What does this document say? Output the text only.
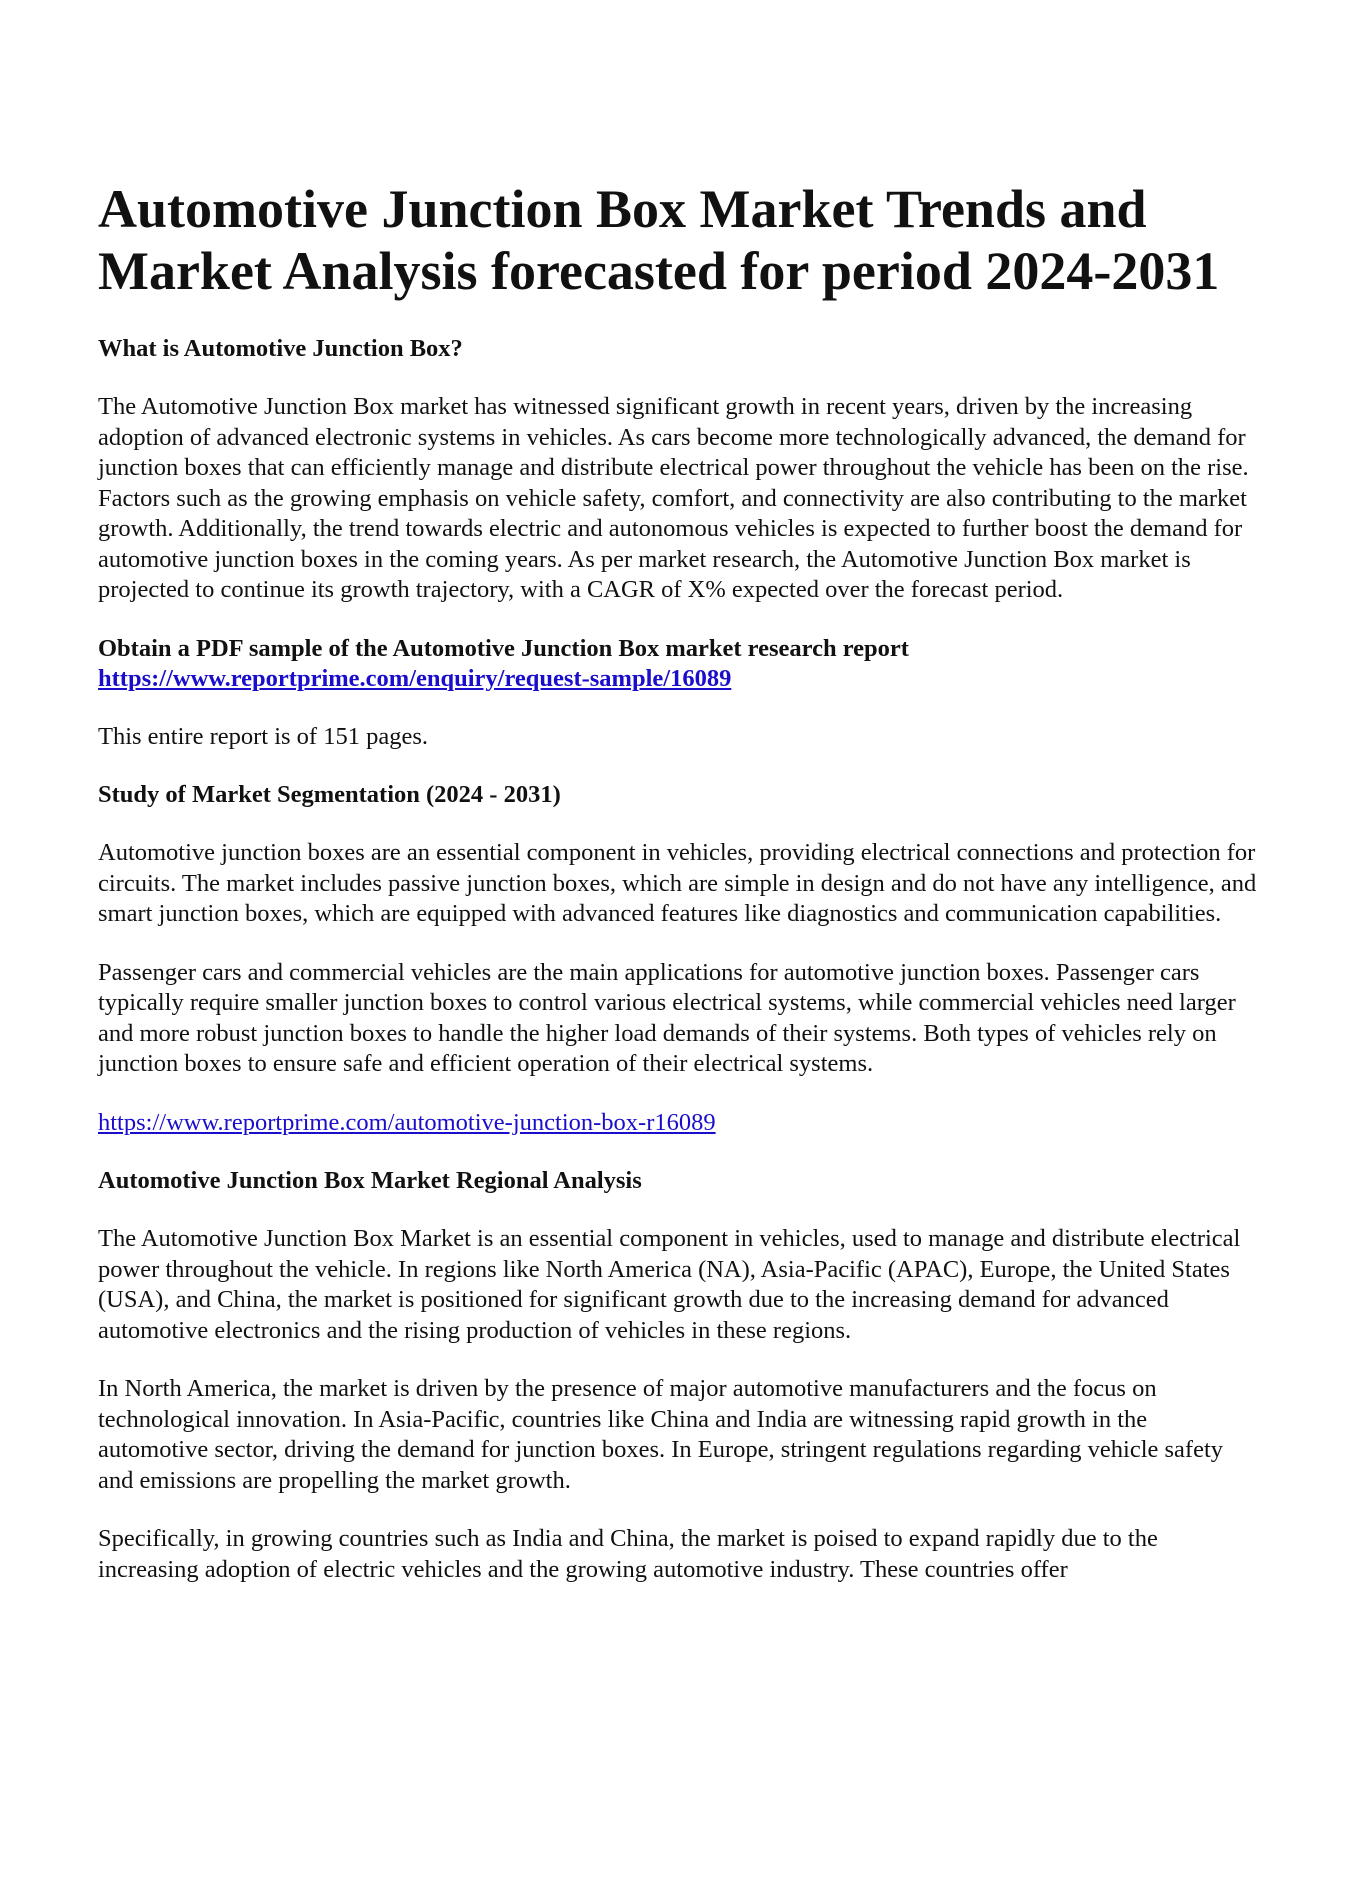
Automotive Junction Box Market Trends and Market Analysis forecasted for period 2024-2031
What is Automotive Junction Box?

The Automotive Junction Box market has witnessed significant growth in recent years, driven by the increasing adoption of advanced electronic systems in vehicles. As cars become more technologically advanced, the demand for junction boxes that can efficiently manage and distribute electrical power throughout the vehicle has been on the rise. Factors such as the growing emphasis on vehicle safety, comfort, and connectivity are also contributing to the market growth. Additionally, the trend towards electric and autonomous vehicles is expected to further boost the demand for automotive junction boxes in the coming years. As per market research, the Automotive Junction Box market is projected to continue its growth trajectory, with a CAGR of X% expected over the forecast period.

Obtain a PDF sample of the Automotive Junction Box market research report https://www.reportprime.com/enquiry/request-sample/16089

This entire report is of 151 pages.

Study of Market Segmentation (2024 - 2031)

Automotive junction boxes are an essential component in vehicles, providing electrical connections and protection for circuits. The market includes passive junction boxes, which are simple in design and do not have any intelligence, and smart junction boxes, which are equipped with advanced features like diagnostics and communication capabilities.

Passenger cars and commercial vehicles are the main applications for automotive junction boxes. Passenger cars typically require smaller junction boxes to control various electrical systems, while commercial vehicles need larger and more robust junction boxes to handle the higher load demands of their systems. Both types of vehicles rely on junction boxes to ensure safe and efficient operation of their electrical systems.

https://www.reportprime.com/automotive-junction-box-r16089

Automotive Junction Box Market Regional Analysis

The Automotive Junction Box Market is an essential component in vehicles, used to manage and distribute electrical power throughout the vehicle. In regions like North America (NA), Asia-Pacific (APAC), Europe, the United States (USA), and China, the market is positioned for significant growth due to the increasing demand for advanced automotive electronics and the rising production of vehicles in these regions.

In North America, the market is driven by the presence of major automotive manufacturers and the focus on technological innovation. In Asia-Pacific, countries like China and India are witnessing rapid growth in the automotive sector, driving the demand for junction boxes. In Europe, stringent regulations regarding vehicle safety and emissions are propelling the market growth.

Specifically, in growing countries such as India and China, the market is poised to expand rapidly due to the increasing adoption of electric vehicles and the growing automotive industry. These countries offer
